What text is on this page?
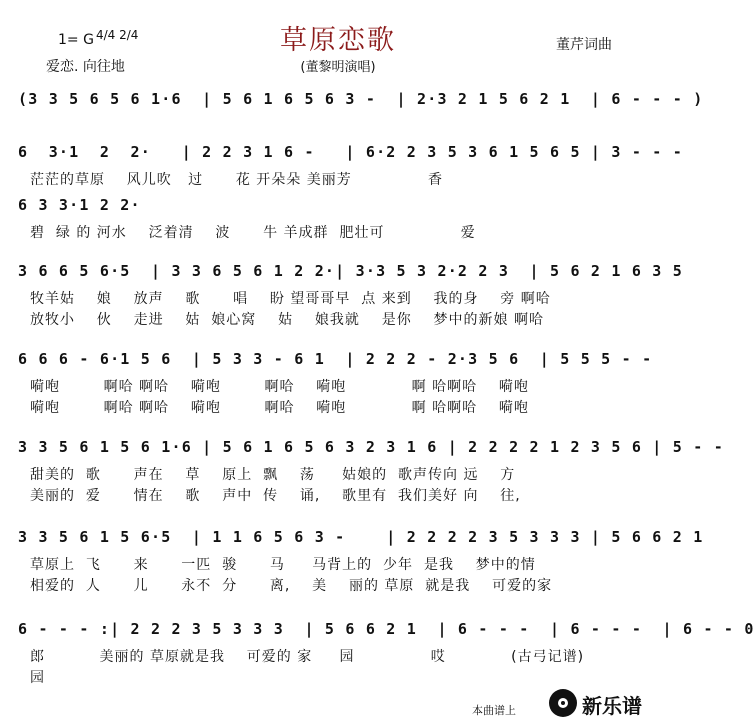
草原恋歌
1= G 4/4 2/4
爱恋. 向往地	(董黎明演唱)
董芹词曲
(3 3 5 6 5 6 1·6  | 5 6 1 6 5 6 3 -  | 2·3 2 1 5 6 2 1  | 6 - - - )
6  3·1  2  2·   | 2 2 3 1 6 -   | 6·2 2 3 5 3 6 1 5 6 5 | 3 - - -
茫茫的草原    风儿吹   过      花 开朵朵 美丽芳              香
6 3 3·1 2 2·
碧  绿 的 河水    泛着清    波      牛 羊成群  肥壮可              爱
3 6 6 5 6·5  | 3 3 6 5 6 1 2 2·| 3·3 5 3 2·2 2 3  | 5 6 2 1 6 3 5
牧羊姑    娘    放声    歌      唱    盼 望哥哥早  点 来到    我的身    旁 啊哈
放牧小    伙    走进    姑  娘心窝    姑    娘我就    是你    梦中的新娘 啊哈
6 6 6 - 6·1 5 6  | 5 3 3 - 6 1  | 2 2 2 - 2·3 5 6  | 5 5 5 - -
嗬咆        啊哈 啊哈    嗬咆        啊哈    嗬咆            啊 哈啊哈    嗬咆
嗬咆        啊哈 啊哈    嗬咆        啊哈    嗬咆            啊 哈啊哈    嗬咆
3 3 5 6 1 5 6 1·6 | 5 6 1 6 5 6 3 2 3 1 6 | 2 2 2 2 1 2 3 5 6 | 5 - -
甜美的  歌      声在    草    原上  飘    荡     姑娘的  歌声传向 远    方
美丽的  爱      情在    歌    声中  传    诵,    歌里有  我们美好 向    往,
3 3 5 6 1 5 6·5  | 1 1 6 5 6 3 -    | 2 2 2 2 3 5 3 3 3 | 5 6 6 2 1
草原上  飞      来      一匹  骏      马     马背上的  少年  是我    梦中的情
相爱的  人      儿      永不  分      离,    美    丽的 草原  就是我    可爱的家
6 - - - :| 2 2 2 3 5 3 3 3  | 5 6 6 2 1  | 6 - - -  | 6 - - -  | 6 - - 0
郎          美丽的 草原就是我    可爱的 家     园              哎            (古弓记谱)
园
本曲谱上	新乐谱
